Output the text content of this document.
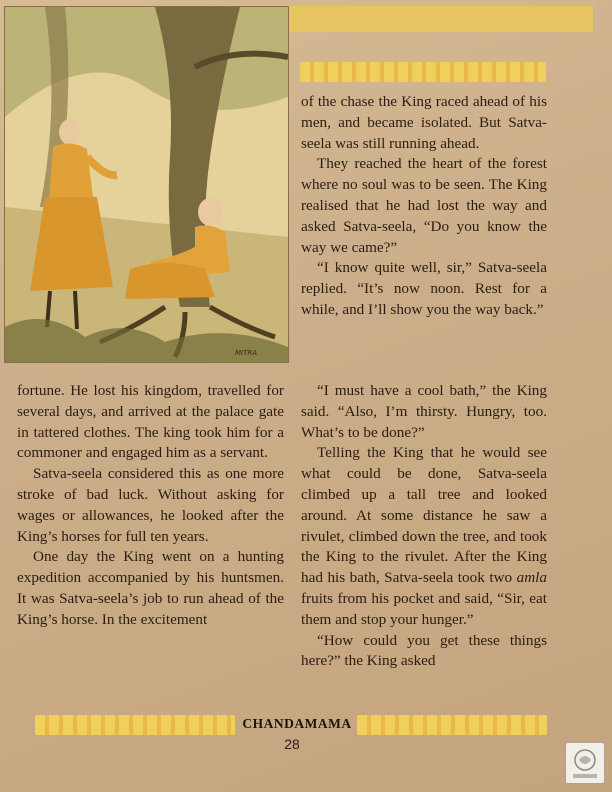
MITRA

of the chase the King raced ahead of his men, and became isolated. But Satva-seela was still running ahead.

They reached the heart of the forest where no soul was to be seen. The King realised that he had lost the way and asked Satva-seela, “Do you know the way we came?”

“I know quite well, sir,” Satva-seela replied. “It’s now noon. Rest for a while, and I’ll show you the way back.”

fortune. He lost his kingdom, travelled for several days, and arrived at the palace gate in tattered clothes. The king took him for a commoner and engaged him as a servant.

Satva-seela considered this as one more stroke of bad luck. Without asking for wages or allowances, he looked after the King’s horses for full ten years.

One day the King went on a hunting expedition accompanied by his huntsmen. It was Satva-seela’s job to run ahead of the King’s horse. In the excitement

“I must have a cool bath,” the King said. “Also, I’m thirsty. Hungry, too. What’s to be done?”

Telling the King that he would see what could be done, Satva-seela climbed up a tall tree and looked around. At some distance he saw a rivulet, climbed down the tree, and took the King to the rivulet. After the King had his bath, Satva-seela took two amla fruits from his pocket and said, “Sir, eat them and stop your hunger.”

“How could you get these things here?” the King asked

CHANDAMAMA
28
